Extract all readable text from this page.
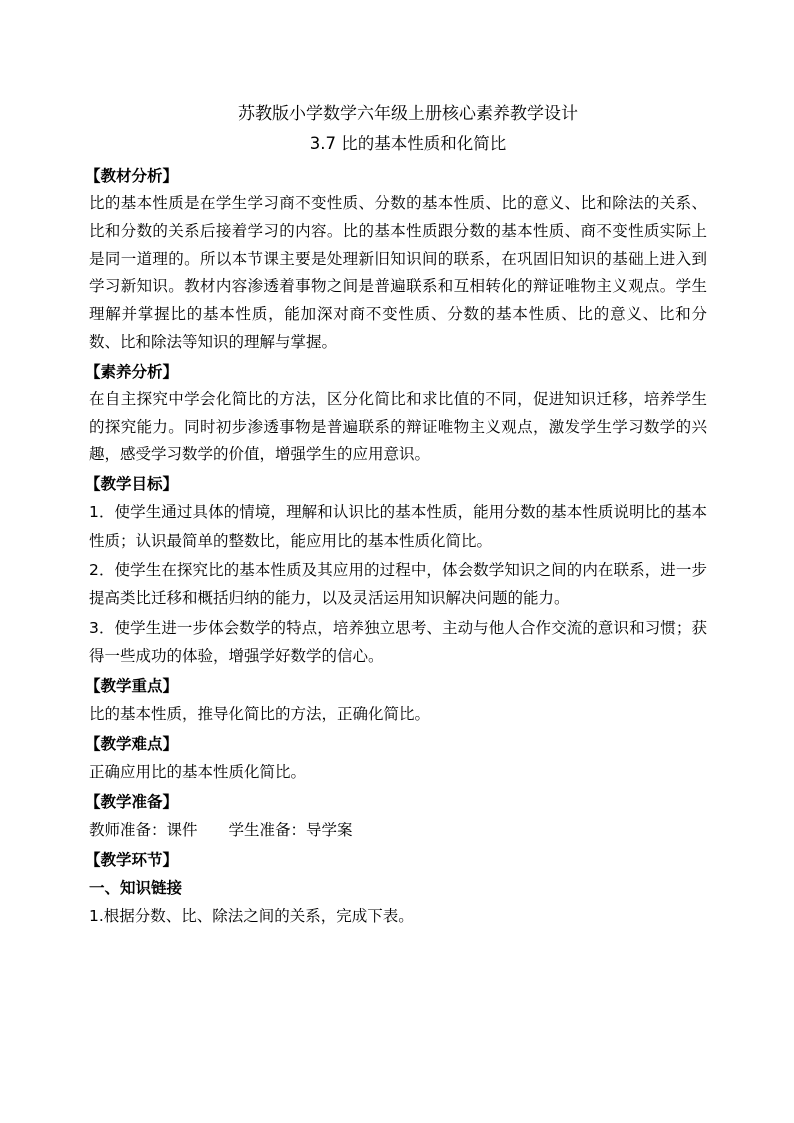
苏教版小学数学六年级上册核心素养教学设计

3.7 比的基本性质和化简比

【教材分析】

比的基本性质是在学生学习商不变性质、分数的基本性质、比的意义、比和除法的关系、比和分数的关系后接着学习的内容。比的基本性质跟分数的基本性质、商不变性质实际上是同一道理的。所以本节课主要是处理新旧知识间的联系，在巩固旧知识的基础上进入到学习新知识。教材内容渗透着事物之间是普遍联系和互相转化的辩证唯物主义观点。学生理解并掌握比的基本性质，能加深对商不变性质、分数的基本性质、比的意义、比和分数、比和除法等知识的理解与掌握。

【素养分析】

在自主探究中学会化简比的方法，区分化简比和求比值的不同，促进知识迁移，培养学生的探究能力。同时初步渗透事物是普遍联系的辩证唯物主义观点，激发学生学习数学的兴趣，感受学习数学的价值，增强学生的应用意识。

【教学目标】

1．使学生通过具体的情境，理解和认识比的基本性质，能用分数的基本性质说明比的基本性质；认识最简单的整数比，能应用比的基本性质化简比。

2．使学生在探究比的基本性质及其应用的过程中，体会数学知识之间的内在联系，进一步提高类比迁移和概括归纳的能力，以及灵活运用知识解决问题的能力。

3．使学生进一步体会数学的特点，培养独立思考、主动与他人合作交流的意识和习惯；获得一些成功的体验，增强学好数学的信心。

【教学重点】

比的基本性质，推导化简比的方法，正确化简比。

【教学难点】

正确应用比的基本性质化简比。

【教学准备】

教师准备：课件　　学生准备：导学案

【教学环节】

一、知识链接

1.根据分数、比、除法之间的关系，完成下表。
